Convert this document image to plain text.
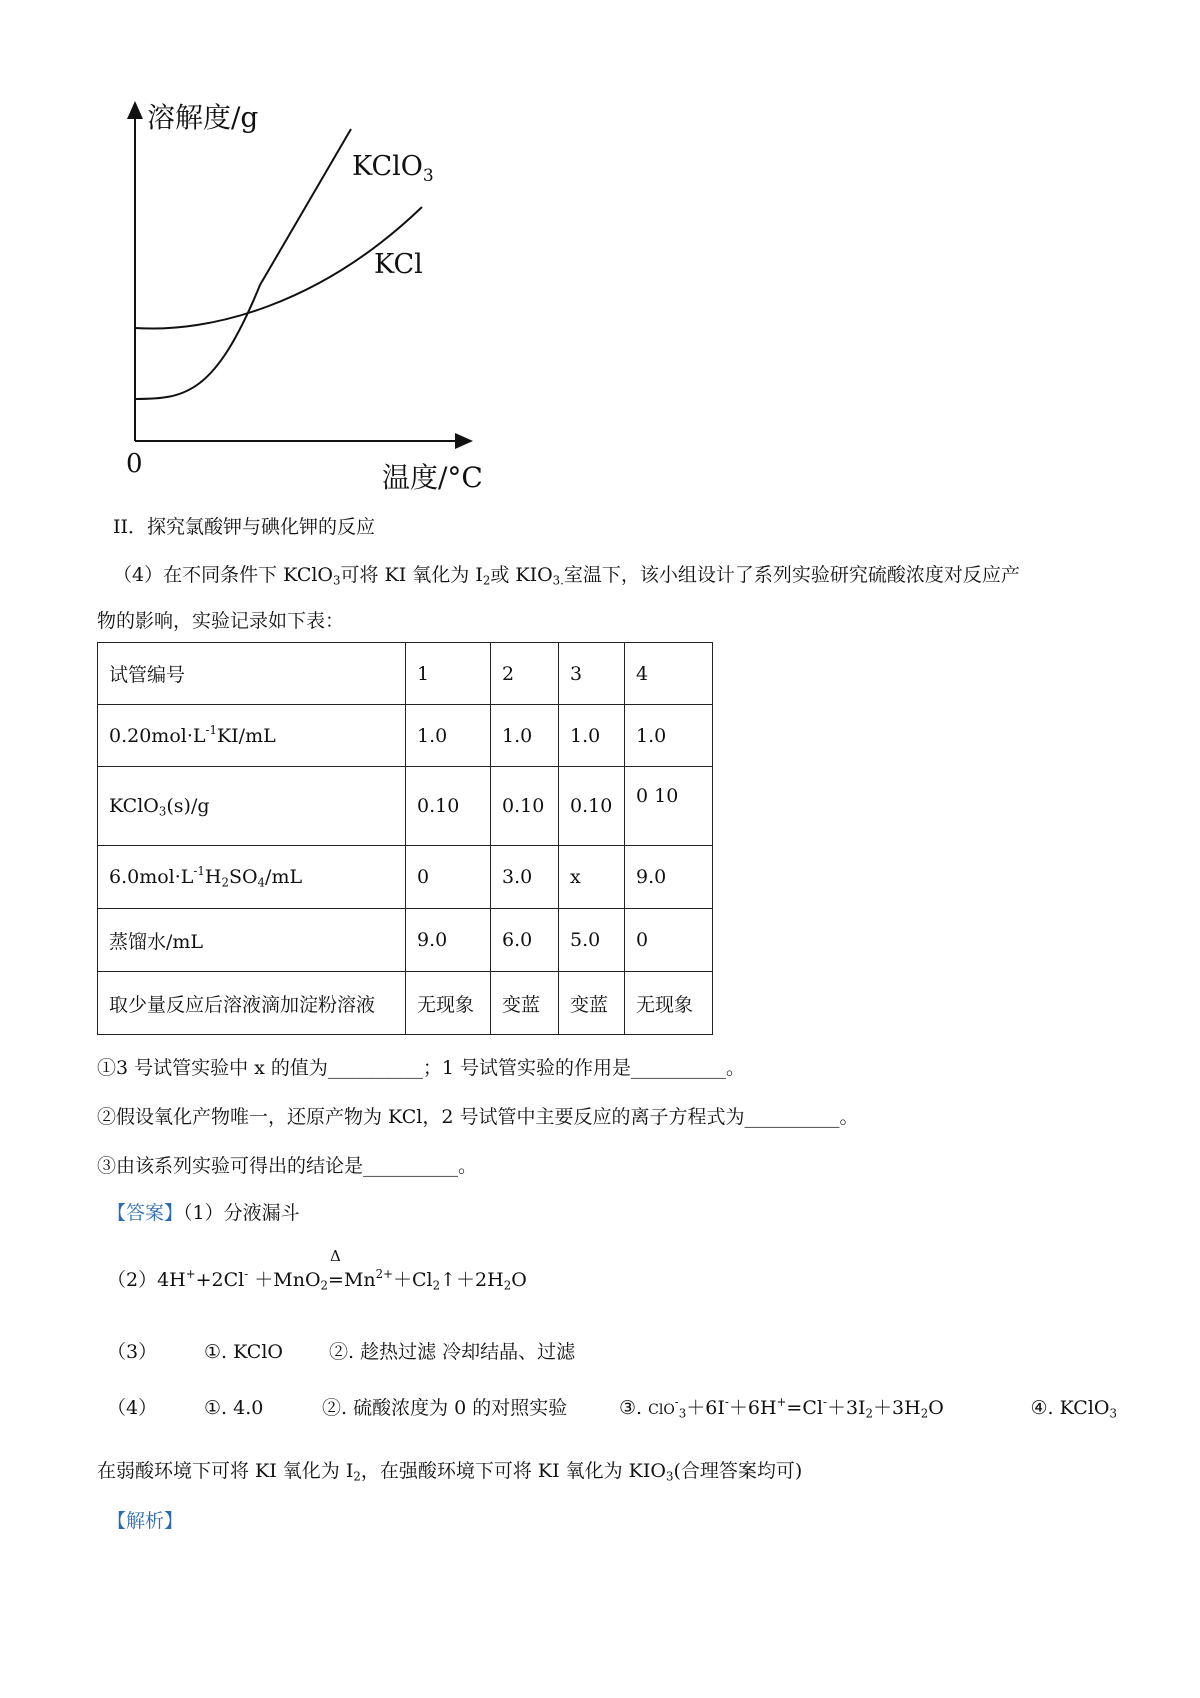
溶解度/g
温度/°C
0
KClO$_3$
KCl
II．探究氯酸钾与碘化钾的反应
（4）在不同条件下 KClO$_3$可将 KI 氧化为 $I_2$或 $KIO_{3.}$室温下，该小组设计了系列实验研究硫酸浓度对反应产
物的影响，实验记录如下表：
试管编号	1	2	3	4
$0.20mol\cdot L^{-1}KI/mL$	1.0	1.0	1.0	1.0
KClO$_3$(s)/g	0.10	0.10	0.10	0 10
$6.0mol\cdot L^{-1}H_2SO_4/mL$	0	3.0	x	9.0
蒸馏水/mL	9.0	6.0	5.0	0
取少量反应后溶液滴加淀粉溶液	无现象	变蓝	变蓝	无现象
①3 号试管实验中 x 的值为__________；1 号试管实验的作用是__________。
②假设氧化产物唯一，还原产物为 KCl，2 号试管中主要反应的离子方程式为__________。
③由该系列实验可得出的结论是__________。
【答案】（1）分液漏斗
（2）4H++2Cl- ＋MnO$_2$
Δ
$=Mn^{2+}+Cl_2↑+2H_2O$
（3） ①. KClO ②. 趁热过滤 冷却结晶、过滤
（4） ①. 4.0	②. 硫酸浓度为 0 的对照实验	③. $ClO^-_3+6I^-+6H^+=Cl^-+3I_2+3H_2O$	④. KClO$_3$
在弱酸环境下可将 KI 氧化为 $I_2$，在强酸环境下可将 KI 氧化为 $KIO_3$(合理答案均可)
【解析】
